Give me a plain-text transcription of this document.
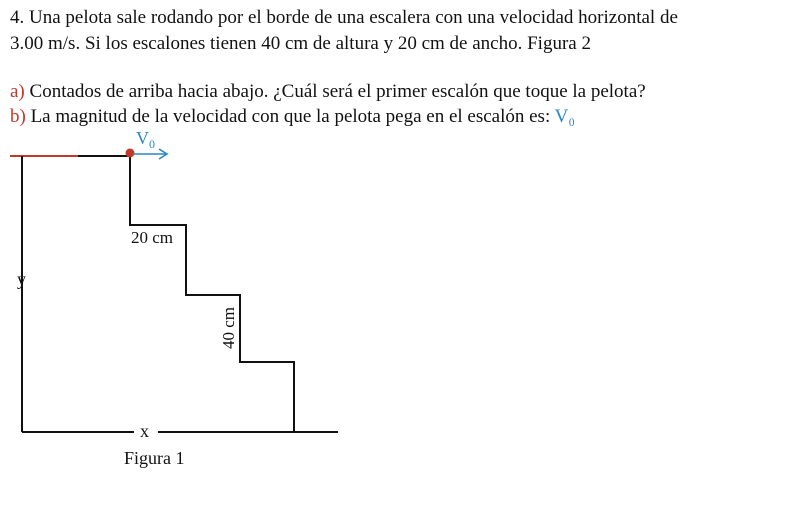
4. Una pelota sale rodando por el borde de una escalera con una velocidad horizontal de
3.00 m/s. Si los escalones tienen 40 cm de altura y 20 cm de ancho. Figura 2
a) Contados de arriba hacia abajo. ¿Cuál será el primer escalón que toque la pelota?
b) La magnitud de la velocidad con que la pelota pega en el escalón es: V₀
$V_0$
20 cm
40 cm
y
x
Figura 1
